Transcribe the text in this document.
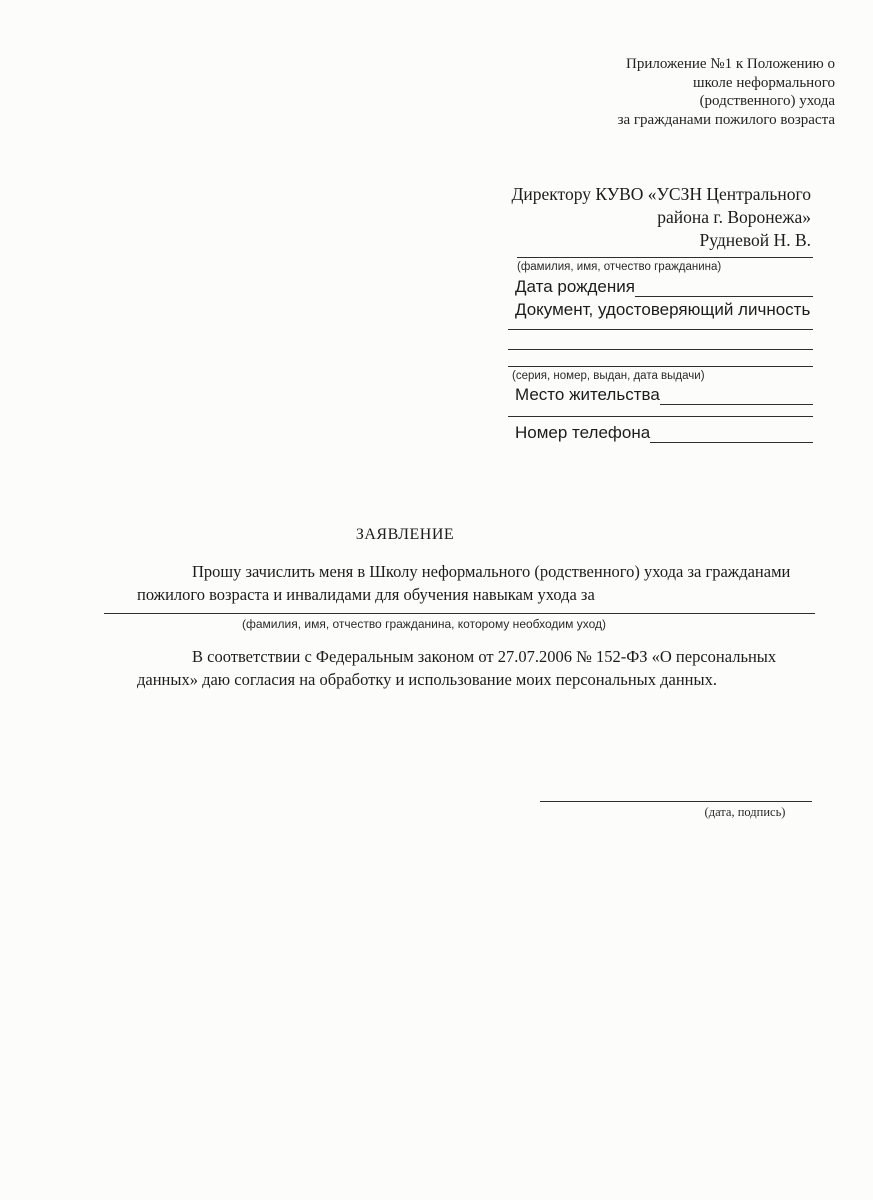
Приложение №1 к Положению о
школе неформального
(родственного) ухода
за гражданами пожилого возраста
Директору КУВО «УСЗН Центрального
района г. Воронежа»
Рудневой Н. В.
(фамилия, имя, отчество гражданина)
Дата рождения
Документ, удостоверяющий личность
(серия, номер, выдан, дата выдачи)
Место жительства
Номер телефона
ЗАЯВЛЕНИЕ
Прошу зачислить меня в Школу неформального (родственного) ухода за гражданами пожилого возраста и инвалидами для обучения навыкам ухода за
(фамилия, имя, отчество гражданина, которому необходим уход)
В соответствии с Федеральным законом от 27.07.2006 № 152-ФЗ «О персональных данных» даю согласия на обработку и использование моих персональных данных.
(дата, подпись)
